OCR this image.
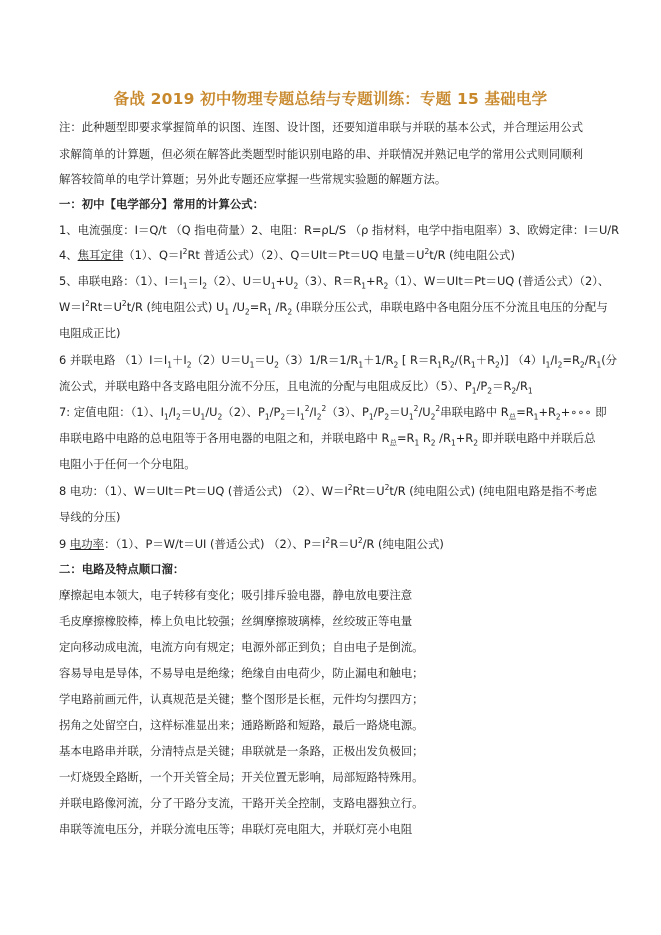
备战 2019 初中物理专题总结与专题训练：专题 15 基础电学
注：此种题型即要求掌握简单的识图、连图、设计图，还要知道串联与并联的基本公式，并合理运用公式
求解简单的计算题，但必须在解答此类题型时能识别电路的串、并联情况并熟记电学的常用公式则同顺利
解答较简单的电学计算题；另外此专题还应掌握一些常规实验题的解题方法。
一：初中【电学部分】常用的计算公式：
1、电流强度：I＝Q/t （Q 指电荷量）2、电阻：R=ρL/S （ρ 指材料，电学中指电阻率）3、欧姆定律：I＝U/R
4、焦耳定律（1）、$Q=I^2Rt$ 普适公式）（2）、Q＝UIt＝Pt＝UQ 电量$=U^2t/R$ (纯电阻公式)
5、串联电路：（1）、$I=I_1=I_2(2)$、$U=U_1+U_2(3)$、$R=R_1+R_2(1)$、W＝UIt＝Pt＝UQ (普适公式）（2）、
$W=I^2Rt=U^2t/R$ (纯电阻公式) $U_1$ $/U_2=R_1$ $/R_2$ (串联分压公式，串联电路中各电阻分压不分流且电压的分配与
电阻成正比)
6 并联电路 $(1)I=I_1+I_2(2)U=U_1=U_2(3)1/R=1/R_1+1/R_2$ [ $R=R_1R_2/(R_1+R_2)$] $(4)I_1/I_2=R_2/R_1$(分
流公式，并联电路中各支路电阻分流不分压，且电流的分配与电阻成反比）（5）、$P_1/P_2=R_2/R_1$
7: 定值电阻：（1）、$I_1/I_2=U_1/U_2(2)$、$P_1/P_2=I_1^2/I_2^2(3)$、$P_1/P_2=U_1^2/U_2^2$串联电路中 $R_总=R_1+R_2+\circ\circ\circ$ 即
串联电路中电路的总电阻等于各用电器的电阻之和，并联电路中 $R_总=R_1$ $R_2$ $/R_1+R_2$ 即并联电路中并联后总
电阻小于任何一个分电阻。
8 电功：（1）、W＝UIt＝Pt＝UQ (普适公式) （2）、$W=I^2Rt=U^2t/R$ (纯电阻公式) (纯电阻电路是指不考虑
导线的分压)
9 电功率：（1）、P＝W/t＝UI (普适公式) （2）、$P=I^2R=U^2/R$ (纯电阻公式)
二：电路及特点顺口溜：
摩擦起电本领大，电子转移有变化；吸引排斥验电器，静电放电要注意
毛皮摩擦橡胶棒，棒上负电比较强；丝绸摩擦玻璃棒，丝绞玻正等电量
定向移动成电流，电流方向有规定；电源外部正到负；自由电子是倒流。
容易导电是导体，不易导电是绝缘；绝缘自由电荷少，防止漏电和触电；
学电路前画元件，认真规范是关键；整个图形是长框，元件均匀摆四方；
拐角之处留空白，这样标准显出来；通路断路和短路，最后一路烧电源。
基本电路串并联，分清特点是关键；串联就是一条路，正极出发负极回；
一灯烧毁全路断，一个开关管全局；开关位置无影响，局部短路特殊用。
并联电路像河流，分了干路分支流，干路开关全控制，支路电器独立行。
串联等流电压分，并联分流电压等；串联灯亮电阻大，并联灯亮小电阻
